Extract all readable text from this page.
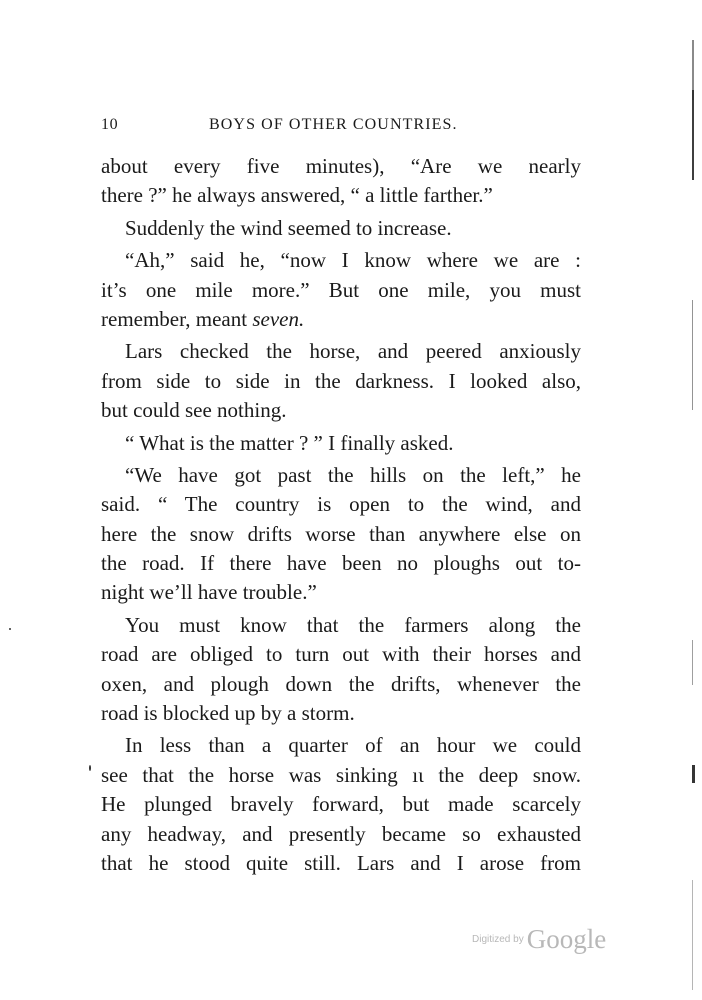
10	BOYS OF OTHER COUNTRIES.
about every five minutes), “Are we nearly
there ?” he always answered, “ a little farther.”
Suddenly the wind seemed to increase.
“Ah,” said he, “now I know where we are :
it’s one mile more.” But one mile, you must
remember, meant seven.
Lars checked the horse, and peered anxiously
from side to side in the darkness. I looked also,
but could see nothing.
“ What is the matter ? ” I finally asked.
“We have got past the hills on the left,” he
said. “ The country is open to the wind, and
here the snow drifts worse than anywhere else on
the road. If there have been no ploughs out to-
night we’ll have trouble.”
You must know that the farmers along the
road are obliged to turn out with their horses and
oxen, and plough down the drifts, whenever the
road is blocked up by a storm.
In less than a quarter of an hour we could
see that the horse was sinking ıι the deep snow.
He plunged bravely forward, but made scarcely
any headway, and presently became so exhausted
that he stood quite still. Lars and I arose from
Digitized by Google
